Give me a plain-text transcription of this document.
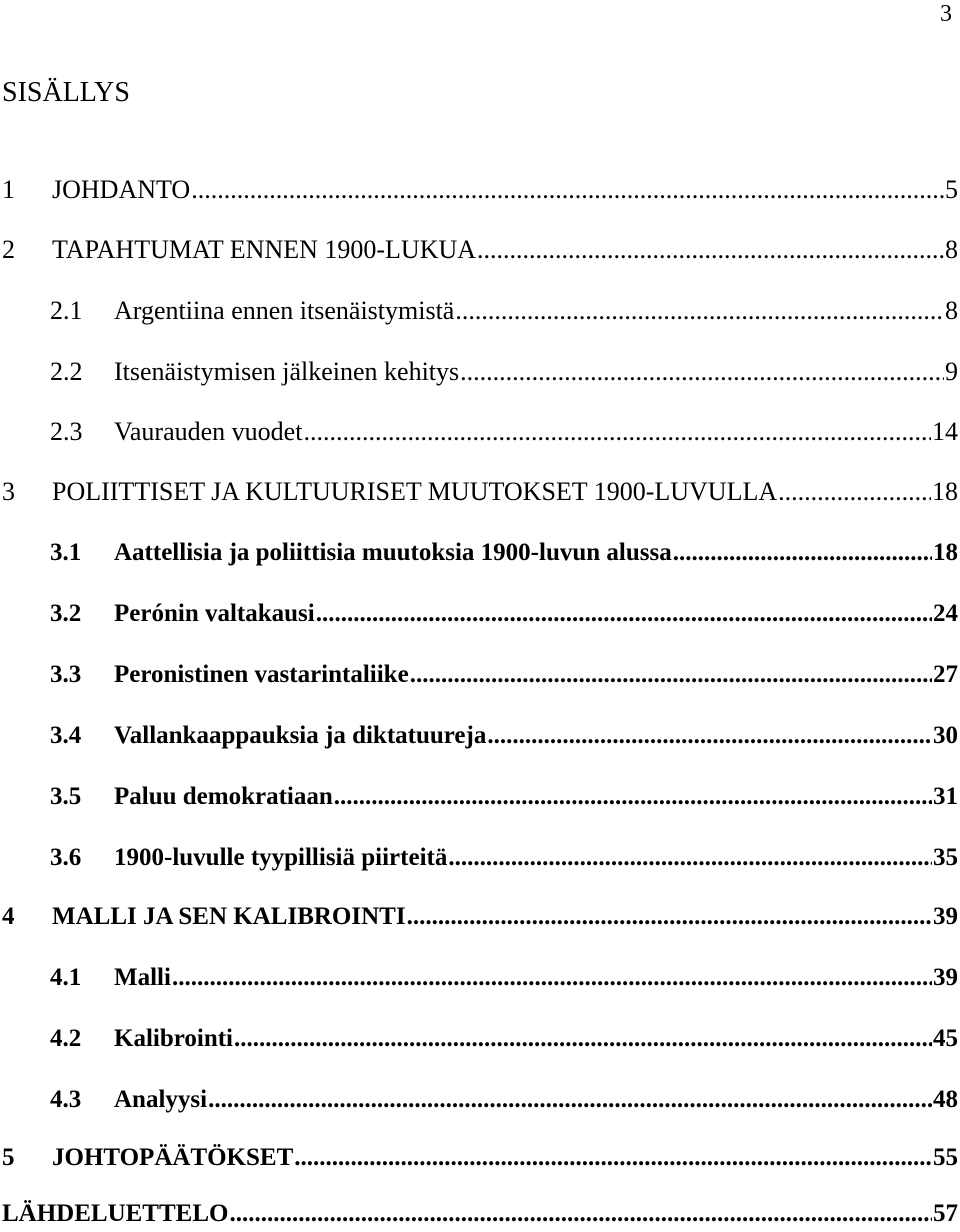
3
SISÄLLYS
1	JOHDANTO .....	5
2	TAPAHTUMAT ENNEN 1900-LUKUA .....	8
2.1	Argentiina ennen itsenäistymistä .....	8
2.2	Itsenäistymisen jälkeinen kehitys .....	9
2.3	Vaurauden vuodet .....	14
3	POLIITTISET JA KULTUURISET MUUTOKSET 1900-LUVULLA .....	18
3.1	Aattellisia ja poliittisia muutoksia 1900-luvun alussa .....	18
3.2	Perónin valtakausi .....	24
3.3	Peronistinen vastarintaliike .....	27
3.4	Vallankaappauksia ja diktatuureja .....	30
3.5	Paluu demokratiaan .....	31
3.6	1900-luvulle tyypillisiä piirteitä .....	35
4	MALLI JA SEN KALIBROINTI .....	39
4.1	Malli .....	39
4.2	Kalibrointi .....	45
4.3	Analyysi .....	48
5	JOHTOPÄÄTÖKSET .....	55
LÄHDELUETTELO .....	57
